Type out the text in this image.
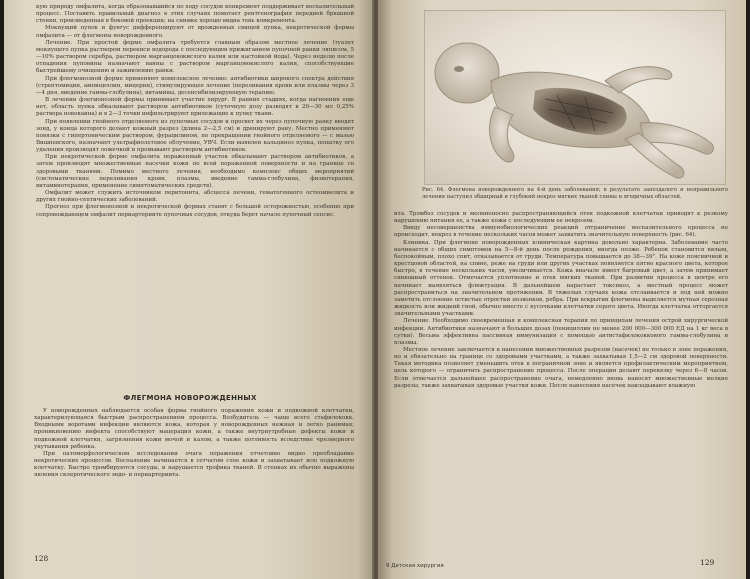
кую природу омфалита, когда образовавшийся по ходу сосудов конкремент поддерживает воспалительный процесс. Поставить правильный диагноз в этих случаях помогает рентгенография передней брюшной стенки, произведенная в боковой проекции; на снимке хорошо видна тень конкремента.

Мокнущий пупок и фунгус дифференцируют от врожденных свищей пупка, некротической формы омфалита — от флегмоны новорожденного.

Лечение. При простой форме омфалита требуется главным образом местное лечение (туалет мокнущего пупка раствором перекиси водорода с последующим прижиганием пупочной ранки ляписом, 5—10% раствором серебра, раствором марганцовокислого калия или настойкой йода). Через неделю после отпадения пуповины назначают ванны с раствором марганцовокислого калия, способствующие быстрейшему очищению и заживлению ранки.

При флегмонозной форме применяют комплексное лечение: антибиотики широкого спектра действия (стрептомицин, ампициллин, мицерин), стимулирующее лечение (переливания крови или плазмы через 3—4 дня, введение гамма-глобулина), витамины, десенсибилизирующую терапию.

В лечении флегмонозной формы принимает участие хирург. В ранних стадиях, когда нагноения еще нет, область пупка обкалывают раствором антибиотиков (суточную дозу разводят в 20—30 мл 0,25% раствора новокаина) и в 2—3 точки инфильтрируют прилежащие к пупку ткани.

При появлении гнойного отделяемого из пупочных сосудов и просвет их через пупочную ранку вводят зонд, у конца которого делают кожный разрез (длина 2—2,5 см) и дренируют рану. Местно применяют повязки с гипертоническим раствором, фурацилином, по прекращении гнойного отделяемого — с мазью Вишневского, назначают ультрафиолетовое облучение, УВЧ. Если выявлен кальциноз пупка, попытку его удаления производят ложечкой и промывают раствором антибиотиков.

При некротической форме омфалита пораженный участок обкалывают раствором антибиотиков, а затем производят множественные насечки кожи по всей пораженной поверхности и на границе со здоровыми тканями. Помимо местного лечения, необходимо комплекс общих мероприятий (систематические переливания крови, плазмы, введение гамма-глобулина, физиотерапия, витаминотерапия, применение симптоматических средств).

Омфалит может служить источником перитонита, абсцесса печени, гематогенного остеомиелита и других гнойно-септических заболеваний.

Прогноз при флегмонозной и некротической формах ставят с большой осторожностью, особенно при сопровождающем омфалит периартериите пупочных сосудов, откуда берет начало пупочный сепсис.

ФЛЕГМОНА НОВОРОЖДЕННЫХ

У новорожденных наблюдается особая форма гнойного поражения кожи и подкожной клетчатки, характеризующаяся быстрым распространением процесса. Возбудитель — чаще всего стафилококк. Входными воротами инфекции являются кожа, которая у новорожденных нежная и легко ранимая; проникновению инфекта способствуют мацерация кожи, а также внутриутробные дефекты кожи и подкожной клетчатки, загрязнения кожи мочой и калом, а также потливость вследствие чрезмерного укутывания ребенка.

При патоморфологическом исследовании очага поражения отчетливо видно преобладание некротических процессов. Воспаление начинается в сетчатом слое кожи и захватывает всю подкожную клетчатку. Быстро тромбируются сосуды, и нарушается трофика тканей. В стенках их обычно выражены явления склеротического эндо- и периартериита.

128
Рис. 64. Флегмона новорожденного на 4-й день заболевания; в результате запоздалого и неправильного лечения наступил обширный и глубокий некроз мягких тканей спины и ягодичных областей.

ита. Тромбоз сосудов и молниеносно распространяющийся отек подкожной клетчатки приводят к резкому нарушению питания ее, а также кожи с последующим ее некрозом.

Ввиду несовершенства иммунобиологических реакций отграничение воспалительного процесса не происходит, некроз в течение нескольких часов может захватить значительную поверхность (рис. 64).

Клиника. При флегмоне новорожденных клиническая картина довольно характерна. Заболевание часто начинается с общих симптомов на 5—8-й день после рождения, иногда позже. Ребенок становится вялым, беспокойным, плохо спит, отказывается от груди. Температура повышается до 38—39°. На коже поясничной и крестцовой областей, на спине, реже на груди или других участках появляется пятно красного цвета, которое быстро, в течение нескольких часов, увеличивается. Кожа вначале имеет багровый цвет, а затем принимает синюшный оттенок. Отмечается уплотнение и отек мягких тканей. При развитии процесса в центре его начинает выявляться флюктуация. В дальнейшем нарастает токсикоз, а местный процесс может распространиться на значительном протяжении. В тяжелых случаях кожа отслаивается и под ней можно заметить отслоение остистые отростки позвонков, ребра. При вскрытии флегмоны выделяется мутная серозная жидкость или жидкий гной, обычно вместе с кусочками клетчатки серого цвета. Иногда клетчатка отторгается значительными участками.

Лечение. Необходимо своевременная и комплексная терапия по принципам лечения острой хирургической инфекции. Антибиотики назначают в больших дозах (пенициллин не менее 200 000—300 000 ЕД на 1 кг веса в сутки). Весьма эффективна пассивная иммунизация с помощью антистафилококкового гамма-глобулина и плазмы.

Местное лечение заключается в нанесении множественных разрезов (насечек) не только в зоне поражения, но и обязательно на границе со здоровыми участками, а также захватывая 1,5—2 см здоровой поверхности. Такая методика позволяет уменьшить отек в пограничной зоне и является профилактическим мероприятием, цель которого — ограничить распространение процесса. После операции делают перевязку через 6—8 часов. Если отмечается дальнейшее распространение очага, немедленно вновь наносят множественные мелкие разрезы, также захватывая здоровые участки кожи. После нанесения насечек накладывают влажную

9 Детская хирургия	129
